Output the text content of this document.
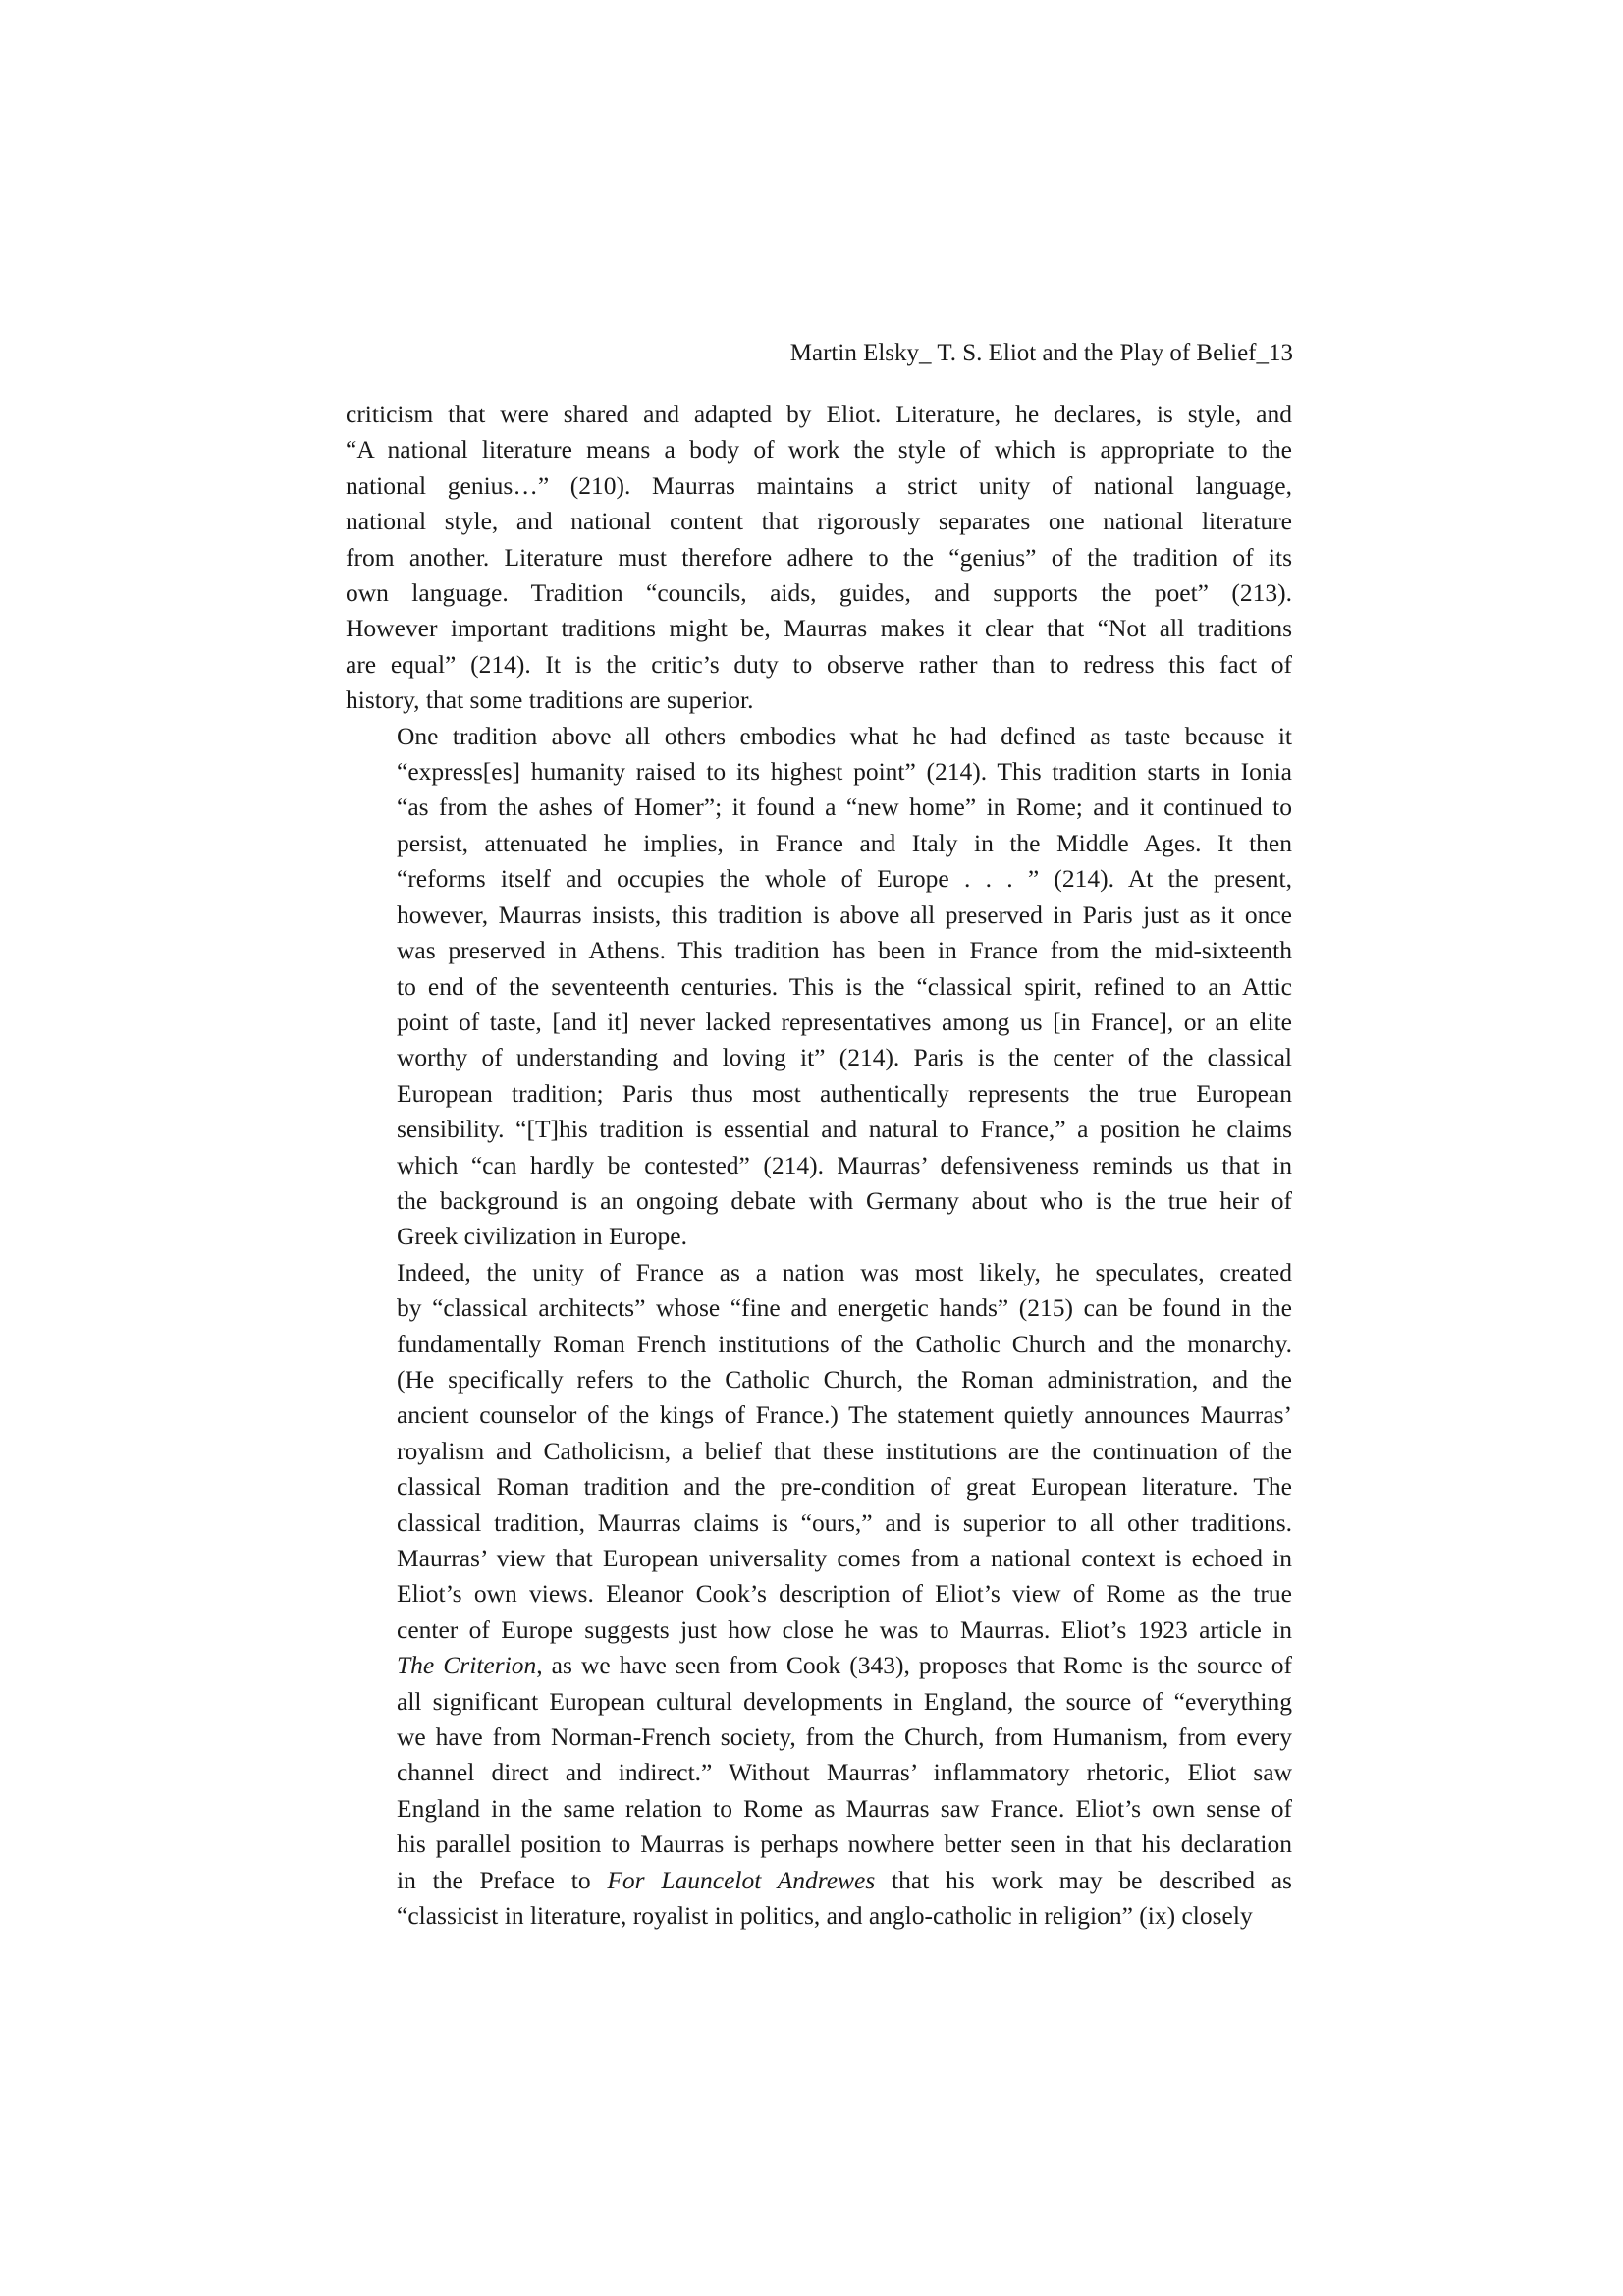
Martin Elsky_ T. S. Eliot and the Play of Belief_13
criticism that were shared and adapted by Eliot. Literature, he declares, is style, and
“A national literature means a body of work the style of which is appropriate to the
national genius…” (210). Maurras maintains a strict unity of national language,
national style, and national content that rigorously separates one national literature
from another. Literature must therefore adhere to the “genius” of the tradition of its
own language. Tradition “councils, aids, guides, and supports the poet” (213).
However important traditions might be, Maurras makes it clear that “Not all traditions
are equal” (214). It is the critic’s duty to observe rather than to redress this fact of
history, that some traditions are superior.
One tradition above all others embodies what he had defined as taste because it
“express[es] humanity raised to its highest point” (214). This tradition starts in Ionia
“as from the ashes of Homer”; it found a “new home” in Rome; and it continued to
persist, attenuated he implies, in France and Italy in the Middle Ages. It then
“reforms itself and occupies the whole of Europe . . . ” (214). At the present,
however, Maurras insists, this tradition is above all preserved in Paris just as it once
was preserved in Athens. This tradition has been in France from the mid-sixteenth
to end of the seventeenth centuries. This is the “classical spirit, refined to an Attic
point of taste, [and it] never lacked representatives among us [in France], or an elite
worthy of understanding and loving it” (214). Paris is the center of the classical
European tradition; Paris thus most authentically represents the true European
sensibility. “[T]his tradition is essential and natural to France,” a position he claims
which “can hardly be contested” (214). Maurras’ defensiveness reminds us that in
the background is an ongoing debate with Germany about who is the true heir of
Greek civilization in Europe.
Indeed, the unity of France as a nation was most likely, he speculates, created
by “classical architects” whose “fine and energetic hands” (215) can be found in the
fundamentally Roman French institutions of the Catholic Church and the monarchy.
(He specifically refers to the Catholic Church, the Roman administration, and the
ancient counselor of the kings of France.) The statement quietly announces Maurras’
royalism and Catholicism, a belief that these institutions are the continuation of the
classical Roman tradition and the pre-condition of great European literature. The
classical tradition, Maurras claims is “ours,” and is superior to all other traditions.
Maurras’ view that European universality comes from a national context is echoed in
Eliot’s own views. Eleanor Cook’s description of Eliot’s view of Rome as the true
center of Europe suggests just how close he was to Maurras. Eliot’s 1923 article in
The Criterion, as we have seen from Cook (343), proposes that Rome is the source of
all significant European cultural developments in England, the source of “everything
we have from Norman-French society, from the Church, from Humanism, from every
channel direct and indirect.” Without Maurras’ inflammatory rhetoric, Eliot saw
England in the same relation to Rome as Maurras saw France. Eliot’s own sense of
his parallel position to Maurras is perhaps nowhere better seen in that his declaration
in the Preface to For Launcelot Andrewes that his work may be described as
“classicist in literature, royalist in politics, and anglo-catholic in religion” (ix) closely
